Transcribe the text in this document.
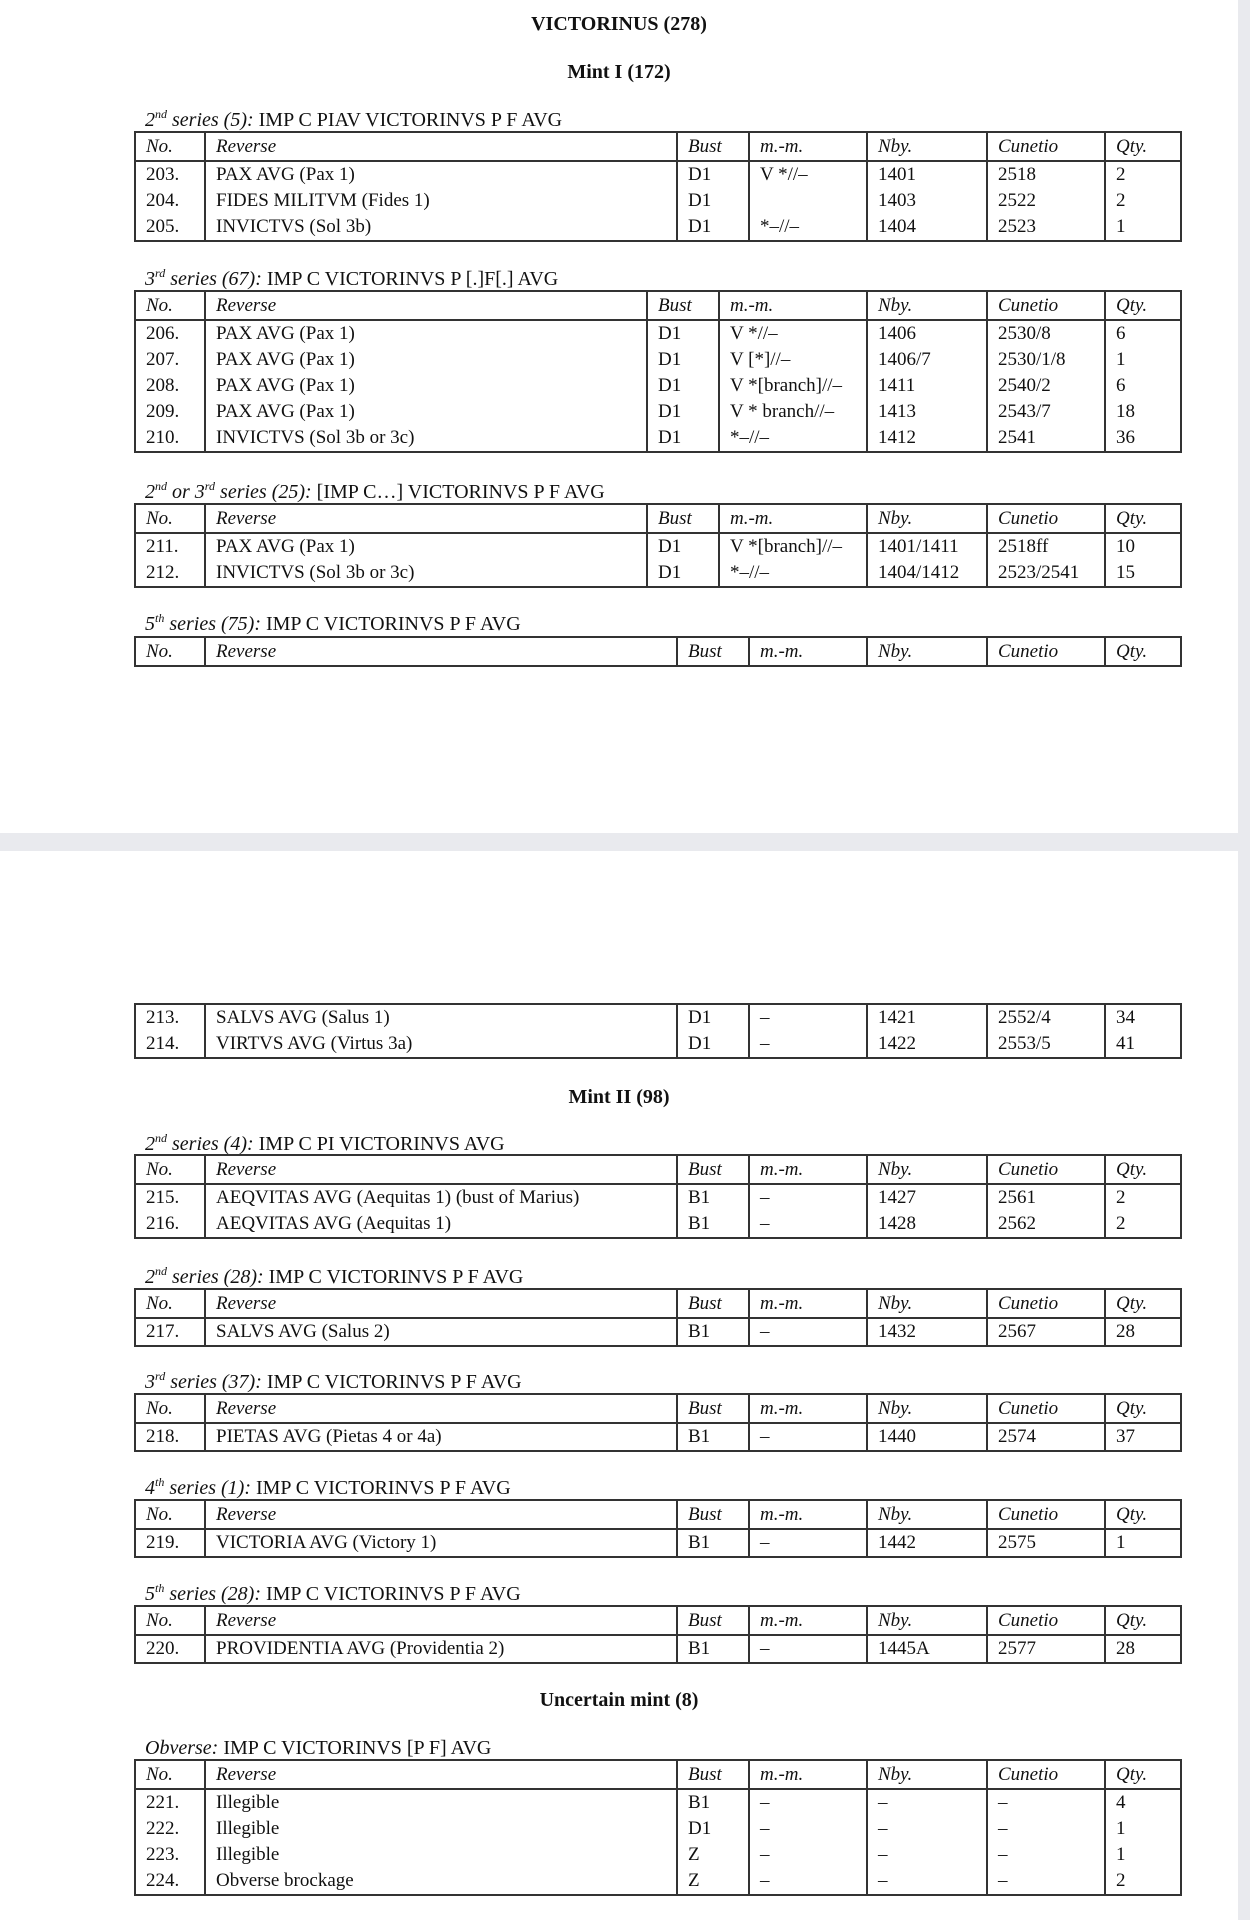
VICTORINUS (278)
Mint I (172)
2nd series (5): IMP C PIAV VICTORINVS P F AVG
No.	Reverse	Bust	m.-m.	Nby.	Cunetio	Qty.
203.	PAX AVG (Pax 1)	D1	V *//–	1401	2518	2
204.	FIDES MILITVM (Fides 1)	D1		1403	2522	2
205.	INVICTVS (Sol 3b)	D1	*–//–	1404	2523	1
3rd series (67): IMP C VICTORINVS P [.]F[.] AVG
No.	Reverse	Bust	m.-m.	Nby.	Cunetio	Qty.
206.	PAX AVG (Pax 1)	D1	V *//–	1406	2530/8	6
207.	PAX AVG (Pax 1)	D1	V [*]//–	1406/7	2530/1/8	1
208.	PAX AVG (Pax 1)	D1	V *[branch]//–	1411	2540/2	6
209.	PAX AVG (Pax 1)	D1	V * branch//–	1413	2543/7	18
210.	INVICTVS (Sol 3b or 3c)	D1	*–//–	1412	2541	36
2nd or 3rd series (25): [IMP C…] VICTORINVS P F AVG
No.	Reverse	Bust	m.-m.	Nby.	Cunetio	Qty.
211.	PAX AVG (Pax 1)	D1	V *[branch]//–	1401/1411	2518ff	10
212.	INVICTVS (Sol 3b or 3c)	D1	*–//–	1404/1412	2523/2541	15
5th series (75): IMP C VICTORINVS P F AVG
No.	Reverse	Bust	m.-m.	Nby.	Cunetio	Qty.
213.	SALVS AVG (Salus 1)	D1	–	1421	2552/4	34
214.	VIRTVS AVG (Virtus 3a)	D1	–	1422	2553/5	41
Mint II (98)
2nd series (4): IMP C PI VICTORINVS AVG
No.	Reverse	Bust	m.-m.	Nby.	Cunetio	Qty.
215.	AEQVITAS AVG (Aequitas 1) (bust of Marius)	B1	–	1427	2561	2
216.	AEQVITAS AVG (Aequitas 1)	B1	–	1428	2562	2
2nd series (28): IMP C VICTORINVS P F AVG
No.	Reverse	Bust	m.-m.	Nby.	Cunetio	Qty.
217.	SALVS AVG (Salus 2)	B1	–	1432	2567	28
3rd series (37): IMP C VICTORINVS P F AVG
No.	Reverse	Bust	m.-m.	Nby.	Cunetio	Qty.
218.	PIETAS AVG (Pietas 4 or 4a)	B1	–	1440	2574	37
4th series (1): IMP C VICTORINVS P F AVG
No.	Reverse	Bust	m.-m.	Nby.	Cunetio	Qty.
219.	VICTORIA AVG (Victory 1)	B1	–	1442	2575	1
5th series (28): IMP C VICTORINVS P F AVG
No.	Reverse	Bust	m.-m.	Nby.	Cunetio	Qty.
220.	PROVIDENTIA AVG (Providentia 2)	B1	–	1445A	2577	28
Uncertain mint (8)
Obverse: IMP C VICTORINVS [P F] AVG
No.	Reverse	Bust	m.-m.	Nby.	Cunetio	Qty.
221.	Illegible	B1	–	–	–	4
222.	Illegible	D1	–	–	–	1
223.	Illegible	Z	–	–	–	1
224.	Obverse brockage	Z	–	–	–	2
